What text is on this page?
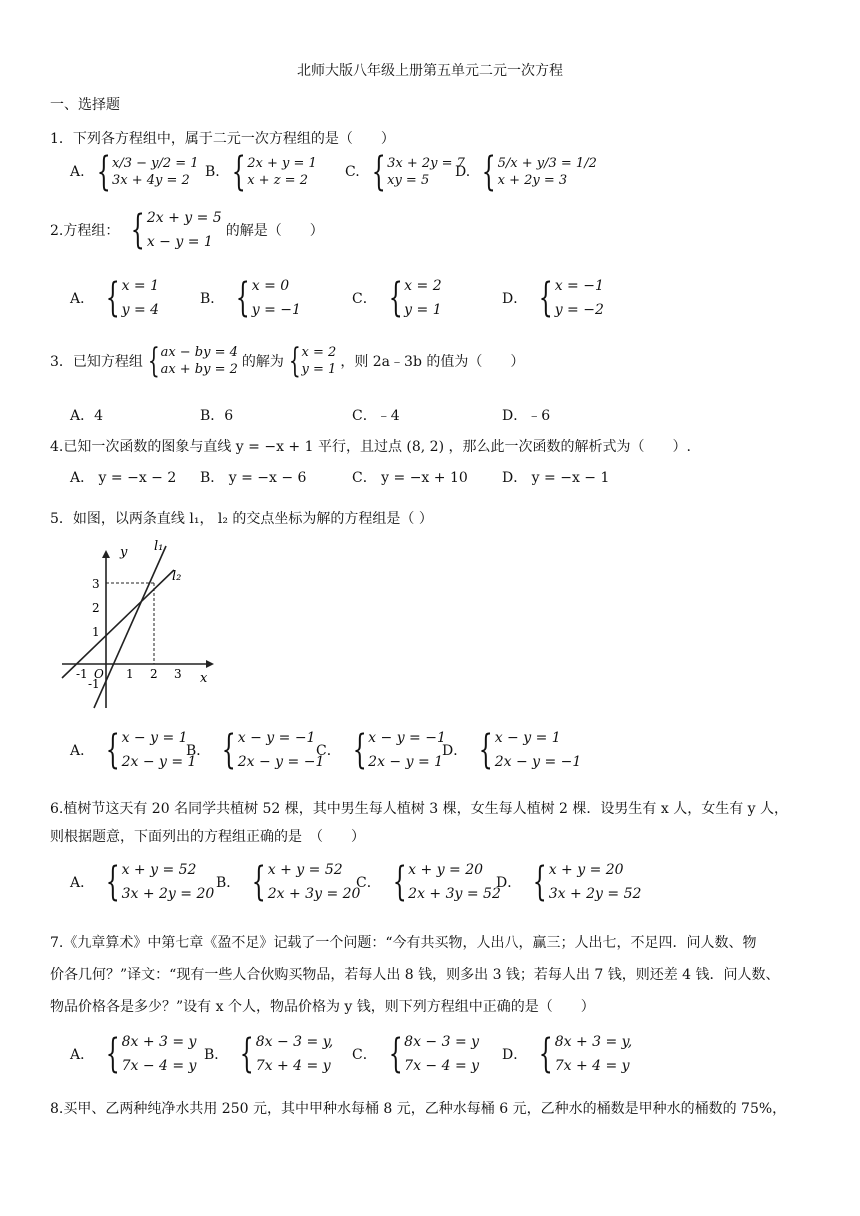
北师大版八年级上册第五单元二元一次方程
一、选择题
1．下列各方程组中，属于二元一次方程组的是（　　）
A. { x/3 − y/2 = 1
3x + 4y = 2
B. { 2x + y = 1
x + z = 2
C. { 3x + 2y = 7
xy = 5
D. { 5/x + y/3 = 1/2
x + 2y = 3
2.方程组： { 2x + y = 5
x − y = 1
的解是（　　）
A． { x = 1
y = 4
B． { x = 0
y = −1
C． { x = 2
y = 1
D． { x = −1
y = −2
3．已知方程组 { ax − by = 4
ax + by = 2 的解为 { x = 2
y = 1 ，则 2a﹣3b 的值为（　　）
A．4	B．6	C．﹣4	D．﹣6
4.已知一次函数的图象与直线 y = −x + 1 平行，且过点 (8, 2) ，那么此一次函数的解析式为（　　）.
A． y = −x − 2 B． y = −x − 6	C． y = −x + 10 D． y = −x − 1
5．如图，以两条直线 l₁， l₂ 的交点坐标为解的方程组是（ ）
y
x
l₁
l₂
3
2
1
-1
-1 O 1 2 3
A． { x − y = 1
2x − y = 1
B． { x − y = −1
2x − y = −1
C． { x − y = −1
2x − y = 1
D． { x − y = 1
2x − y = −1
6.植树节这天有 20 名同学共植树 52 棵，其中男生每人植树 3 棵，女生每人植树 2 棵．设男生有 x 人，女生有 y 人，
则根据题意，下面列出的方程组正确的是　（　　）
A． { x + y = 52
3x + 2y = 20
B． { x + y = 52
2x + 3y = 20
C． { x + y = 20
2x + 3y = 52
D． { x + y = 20
3x + 2y = 52
7.《九章算术》中第七章《盈不足》记载了一个问题：“今有共买物，人出八，赢三；人出七，不足四．问人数、物
价各几何？”译文：“现有一些人合伙购买物品，若每人出 8 钱，则多出 3 钱；若每人出 7 钱，则还差 4 钱．问人数、
物品价格各是多少？”设有 x 个人，物品价格为 y 钱，则下列方程组中正确的是（　　）
A． { 8x + 3 = y
7x − 4 = y
B． { 8x − 3 = y,
7x + 4 = y
C． { 8x − 3 = y
7x − 4 = y
D． { 8x + 3 = y,
7x + 4 = y
8.买甲、乙两种纯净水共用 250 元，其中甲种水每桶 8 元，乙种水每桶 6 元，乙种水的桶数是甲种水的桶数的 75%，
